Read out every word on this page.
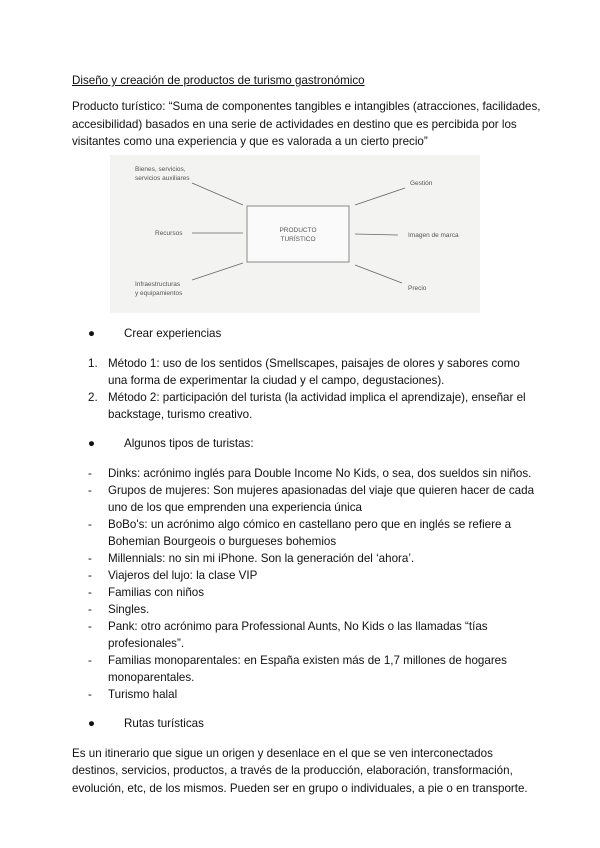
Diseño y creación de productos de turismo gastronómico
Producto turístico: “Suma de componentes tangibles e intangibles (atracciones, facilidades, accesibilidad) basados en una serie de actividades en destino que es percibida por los visitantes como una experiencia y que es valorada a un cierto precio”
PRODUCTO
TURÍSTICO
Bienes, servicios,
servicios auxiliares
Recursos
Infraestructuras
y equipamientos
Gestión
Imagen de marca
Precio
● Crear experiencias
1. Método 1: uso de los sentidos (Smellscapes, paisajes de olores y sabores como una forma de experimentar la ciudad y el campo, degustaciones).
2. Método 2: participación del turista (la actividad implica el aprendizaje), enseñar el backstage, turismo creativo.
● Algunos tipos de turistas:
- Dinks: acrónimo inglés para Double Income No Kids, o sea, dos sueldos sin niños.
- Grupos de mujeres: Son mujeres apasionadas del viaje que quieren hacer de cada uno de los que emprenden una experiencia única
- BoBo's: un acrónimo algo cómico en castellano pero que en inglés se refiere a Bohemian Bourgeois o burgueses bohemios
- Millennials: no sin mi iPhone. Son la generación del ‘ahora’.
- Viajeros del lujo: la clase VIP
- Familias con niños
- Singles.
- Pank: otro acrónimo para Professional Aunts, No Kids o las llamadas “tías profesionales”.
- Familias monoparentales: en España existen más de 1,7 millones de hogares monoparentales.
- Turismo halal
● Rutas turísticas
Es un itinerario que sigue un origen y desenlace en el que se ven interconectados destinos, servicios, productos, a través de la producción, elaboración, transformación, evolución, etc, de los mismos. Pueden ser en grupo o individuales, a pie o en transporte.
